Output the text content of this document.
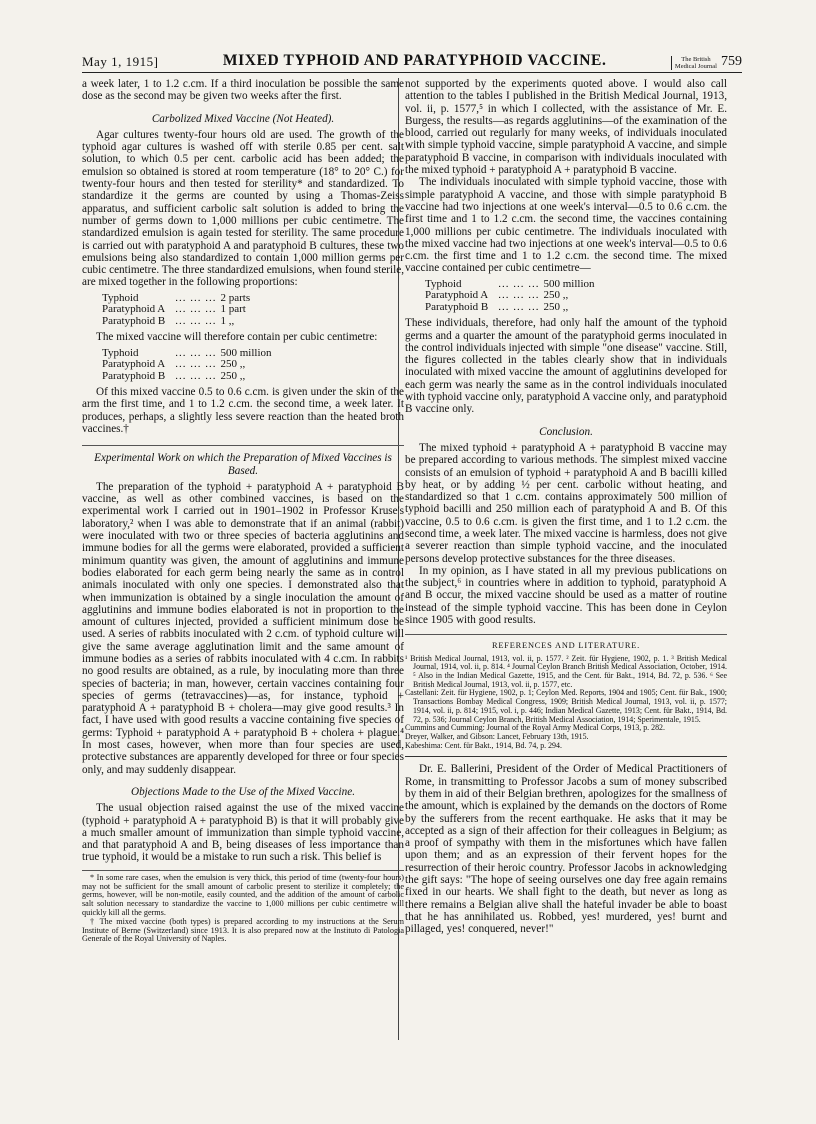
May 1, 1915]	MIXED TYPHOID AND PARATYPHOID VACCINE.	The British
Medical Journal 759

a week later, 1 to 1.2 c.cm. If a third inoculation be possible the same dose as the second may be given two weeks after the first.

Carbolized Mixed Vaccine (Not Heated).

Agar cultures twenty-four hours old are used. The growth of the typhoid agar cultures is washed off with sterile 0.85 per cent. salt solution, to which 0.5 per cent. carbolic acid has been added; the emulsion so obtained is stored at room temperature (18° to 20° C.) for twenty-four hours and then tested for sterility* and standardized. To standardize it the germs are counted by using a Thomas-Zeiss apparatus, and sufficient carbolic salt solution is added to bring the number of germs down to 1,000 millions per cubic centimetre. The standardized emulsion is again tested for sterility. The same procedure is carried out with paratyphoid A and paratyphoid B cultures, these two emulsions being also standardized to contain 1,000 million germs per cubic centimetre. The three standardized emulsions, when found sterile, are mixed together in the following proportions:

Typhoid	... ... ...	2 parts
Paratyphoid A	... ... ...	1 part
Paratyphoid B	... ... ...	1 ,,

The mixed vaccine will therefore contain per cubic centimetre:

Typhoid	... ... ...	500 million
Paratyphoid A	... ... ...	250 ,,
Paratyphoid B	... ... ...	250 ,,

Of this mixed vaccine 0.5 to 0.6 c.cm. is given under the skin of the arm the first time, and 1 to 1.2 c.cm. the second time, a week later. It produces, perhaps, a slightly less severe reaction than the heated broth vaccines.†

Experimental Work on which the Preparation of Mixed Vaccines is Based.

The preparation of the typhoid + paratyphoid A + paratyphoid B vaccine, as well as other combined vaccines, is based on the experimental work I carried out in 1901–1902 in Professor Kruse's laboratory,² when I was able to demonstrate that if an animal (rabbit) were inoculated with two or three species of bacteria agglutinins and immune bodies for all the germs were elaborated, provided a sufficient minimum quantity was given, the amount of agglutinins and immune bodies elaborated for each germ being nearly the same as in control animals inoculated with only one species. I demonstrated also that when immunization is obtained by a single inoculation the amount of agglutinins and immune bodies elaborated is not in proportion to the amount of cultures injected, provided a sufficient minimum dose be used. A series of rabbits inoculated with 2 c.cm. of typhoid culture will give the same average agglutination limit and the same amount of immune bodies as a series of rabbits inoculated with 4 c.cm. In rabbits no good results are obtained, as a rule, by inoculating more than three species of bacteria; in man, however, certain vaccines containing four species of germs (tetravaccines)—as, for instance, typhoid + paratyphoid A + paratyphoid B + cholera—may give good results.³ In fact, I have used with good results a vaccine containing five species of germs: Typhoid + paratyphoid A + paratyphoid B + cholera + plague.⁴ In most cases, however, when more than four species are used, protective substances are apparently developed for three or four species only, and may suddenly disappear.

Objections Made to the Use of the Mixed Vaccine.

The usual objection raised against the use of the mixed vaccine (typhoid + paratyphoid A + paratyphoid B) is that it will probably give a much smaller amount of immunization than simple typhoid vaccine, and that paratyphoid A and B, being diseases of less importance than true typhoid, it would be a mistake to run such a risk. This belief is

* In some rare cases, when the emulsion is very thick, this period of time (twenty-four hours) may not be sufficient for the small amount of carbolic present to sterilize it completely; the germs, however, will be non-motile, easily counted, and the addition of the amount of carbolic salt solution necessary to standardize the vaccine to 1,000 millions per cubic centimetre will quickly kill all the germs.

† The mixed vaccine (both types) is prepared according to my instructions at the Serum Institute of Berne (Switzerland) since 1913. It is also prepared now at the Instituto di Patologia Generale of the Royal University of Naples.

not supported by the experiments quoted above. I would also call attention to the tables I published in the British Medical Journal, 1913, vol. ii, p. 1577,⁵ in which I collected, with the assistance of Mr. E. Burgess, the results—as regards agglutinins—of the examination of the blood, carried out regularly for many weeks, of individuals inoculated with simple typhoid vaccine, simple paratyphoid A vaccine, and simple paratyphoid B vaccine, in comparison with individuals inoculated with the mixed typhoid + paratyphoid A + paratyphoid B vaccine.

The individuals inoculated with simple typhoid vaccine, those with simple paratyphoid A vaccine, and those with simple paratyphoid B vaccine had two injections at one week's interval—0.5 to 0.6 c.cm. the first time and 1 to 1.2 c.cm. the second time, the vaccines containing 1,000 millions per cubic centimetre. The individuals inoculated with the mixed vaccine had two injections at one week's interval—0.5 to 0.6 c.cm. the first time and 1 to 1.2 c.cm. the second time. The mixed vaccine contained per cubic centimetre—

Typhoid	... ... ...	500 million
Paratyphoid A	... ... ...	250 ,,
Paratyphoid B	... ... ...	250 ,,

These individuals, therefore, had only half the amount of the typhoid germs and a quarter the amount of the paratyphoid germs inoculated in the control individuals injected with simple "one disease" vaccine. Still, the figures collected in the tables clearly show that in individuals inoculated with mixed vaccine the amount of agglutinins developed for each germ was nearly the same as in the control individuals inoculated with typhoid vaccine only, paratyphoid A vaccine only, and paratyphoid B vaccine only.

Conclusion.

The mixed typhoid + paratyphoid A + paratyphoid B vaccine may be prepared according to various methods. The simplest mixed vaccine consists of an emulsion of typhoid + paratyphoid A and B bacilli killed by heat, or by adding ½ per cent. carbolic without heating, and standardized so that 1 c.cm. contains approximately 500 million of typhoid bacilli and 250 million each of paratyphoid A and B. Of this vaccine, 0.5 to 0.6 c.cm. is given the first time, and 1 to 1.2 c.cm. the second time, a week later. The mixed vaccine is harmless, does not give a severer reaction than simple typhoid vaccine, and the inoculated persons develop protective substances for the three diseases.

In my opinion, as I have stated in all my previous publications on the subject,⁶ in countries where in addition to typhoid, paratyphoid A and B occur, the mixed vaccine should be used as a matter of routine instead of the simple typhoid vaccine. This has been done in Ceylon since 1905 with good results.

REFERENCES AND LITERATURE.

¹ British Medical Journal, 1913, vol. ii, p. 1577. ² Zeit. für Hygiene, 1902, p. 1. ³ British Medical Journal, 1914, vol. ii, p. 814. ⁴ Journal Ceylon Branch British Medical Association, October, 1914. ⁵ Also in the Indian Medical Gazette, 1915, and the Cent. für Bakt., 1914, Bd. 72, p. 536. ⁶ See British Medical Journal, 1913, vol. ii, p. 1577, etc.

Castellani: Zeit. für Hygiene, 1902, p. 1; Ceylon Med. Reports, 1904 and 1905; Cent. für Bak., 1900; Transactions Bombay Medical Congress, 1909; British Medical Journal, 1913, vol. ii, p. 1577; 1914, vol. ii, p. 814; 1915, vol. i, p. 446; Indian Medical Gazette, 1913; Cent. für Bakt., 1914, Bd. 72, p. 536; Journal Ceylon Branch, British Medical Association, 1914; Sperimentale, 1915.

Cummins and Cumming: Journal of the Royal Army Medical Corps, 1913, p. 282.

Dreyer, Walker, and Gibson: Lancet, February 13th, 1915.

Kabeshima: Cent. für Bakt., 1914, Bd. 74, p. 294.

Dr. E. Ballerini, President of the Order of Medical Practitioners of Rome, in transmitting to Professor Jacobs a sum of money subscribed by them in aid of their Belgian brethren, apologizes for the smallness of the amount, which is explained by the demands on the doctors of Rome by the sufferers from the recent earthquake. He asks that it may be accepted as a sign of their affection for their colleagues in Belgium; as a proof of sympathy with them in the misfortunes which have fallen upon them; and as an expression of their fervent hopes for the resurrection of their heroic country. Professor Jacobs in acknowledging the gift says: "The hope of seeing ourselves one day free again remains fixed in our hearts. We shall fight to the death, but never as long as there remains a Belgian alive shall the hateful invader be able to boast that he has annihilated us. Robbed, yes! murdered, yes! burnt and pillaged, yes! conquered, never!"
